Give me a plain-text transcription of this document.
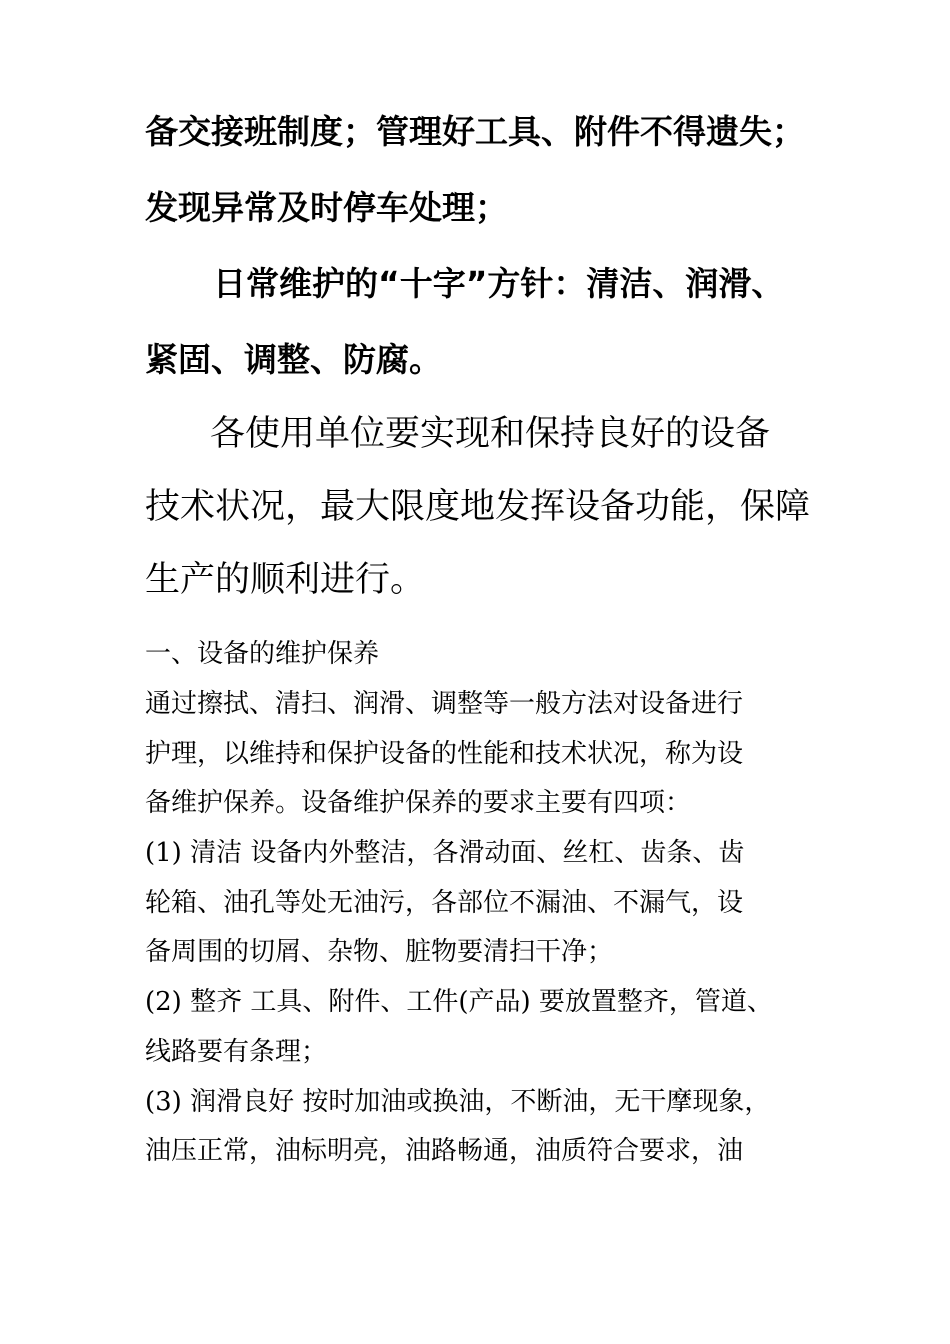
备交接班制度；管理好工具、附件不得遗失；
发现异常及时停车处理；
日常维护的“十字”方针：清洁、润滑、
紧固、调整、防腐。
各使用单位要实现和保持良好的设备
技术状况，最大限度地发挥设备功能，保障
生产的顺利进行。
一、设备的维护保养
通过擦拭、清扫、润滑、调整等一般方法对设备进行
护理，以维持和保护设备的性能和技术状况，称为设
备维护保养。设备维护保养的要求主要有四项：
(1) 清洁 设备内外整洁，各滑动面、丝杠、齿条、齿
轮箱、油孔等处无油污，各部位不漏油、不漏气，设
备周围的切屑、杂物、脏物要清扫干净；
(2) 整齐 工具、附件、工件(产品) 要放置整齐，管道、
线路要有条理；
(3) 润滑良好 按时加油或换油，不断油，无干摩现象，
油压正常，油标明亮，油路畅通，油质符合要求，油
